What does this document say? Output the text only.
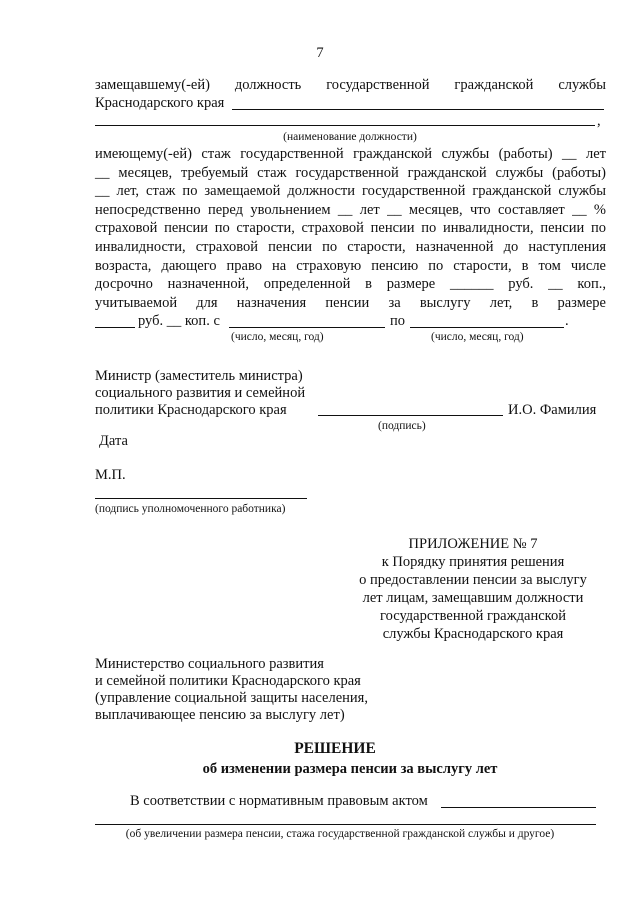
7
замещавшему(-ей) должность государственной гражданской службы
Краснодарского края
,
(наименование должности)
имеющему(-ей) стаж государственной гражданской службы (работы) __ лет
__ месяцев, требуемый стаж государственной гражданской службы (работы)
__ лет, стаж по замещаемой должности государственной гражданской службы
непосредственно перед увольнением __ лет __ месяцев, что составляет __ %
страховой пенсии по старости, страховой пенсии по инвалидности, пенсии по
инвалидности, страховой пенсии по старости, назначенной до наступления
возраста, дающего право на страховую пенсию по старости, в том числе
досрочно назначенной, определенной в размере ______ руб. __ коп.,
учитываемой для назначения пенсии за выслугу лет, в размере
руб. __ коп. с	по	.
(число, месяц, год)	(число, месяц, год)
Министр (заместитель министра)
социального развития и семейной
политики Краснодарского края	И.О. Фамилия
(подпись)
Дата
М.П.
(подпись уполномоченного работника)
ПРИЛОЖЕНИЕ № 7
к Порядку принятия решения
о предоставлении пенсии за выслугу
лет лицам, замещавшим должности
государственной гражданской
службы Краснодарского края
Министерство социального развития
и семейной политики Краснодарского края
(управление социальной защиты населения,
выплачивающее пенсию за выслугу лет)
РЕШЕНИЕ
об изменении размера пенсии за выслугу лет
В соответствии с нормативным правовым актом
(об увеличении размера пенсии, стажа государственной гражданской службы и другое)
